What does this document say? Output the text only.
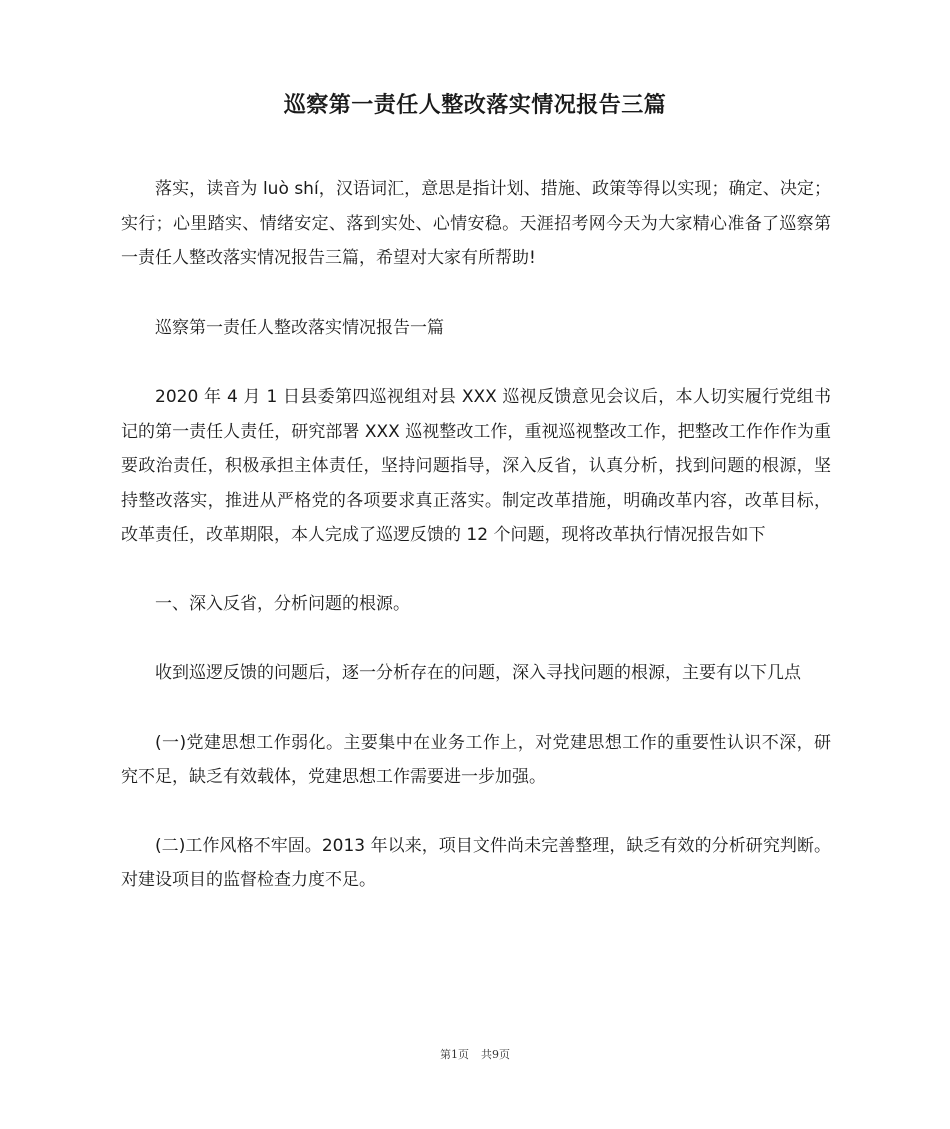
巡察第一责任人整改落实情况报告三篇

落实，读音为 luò shí，汉语词汇，意思是指计划、措施、政策等得以实现；确定、决定；实行；心里踏实、情绪安定、落到实处、心情安稳。天涯招考网今天为大家精心准备了巡察第一责任人整改落实情况报告三篇，希望对大家有所帮助!

巡察第一责任人整改落实情况报告一篇

2020 年 4 月 1 日县委第四巡视组对县 XXX 巡视反馈意见会议后，本人切实履行党组书记的第一责任人责任，研究部署 XXX 巡视整改工作，重视巡视整改工作，把整改工作作作为重要政治责任，积极承担主体责任，坚持问题指导，深入反省，认真分析，找到问题的根源，坚持整改落实，推进从严格党的各项要求真正落实。制定改革措施，明确改革内容，改革目标，改革责任，改革期限，本人完成了巡逻反馈的 12 个问题，现将改革执行情况报告如下

一、深入反省，分析问题的根源。

收到巡逻反馈的问题后，逐一分析存在的问题，深入寻找问题的根源，主要有以下几点

(一)党建思想工作弱化。主要集中在业务工作上，对党建思想工作的重要性认识不深，研究不足，缺乏有效载体，党建思想工作需要进一步加强。

(二)工作风格不牢固。2013 年以来，项目文件尚未完善整理，缺乏有效的分析研究判断。对建设项目的监督检查力度不足。

第1页 共9页
